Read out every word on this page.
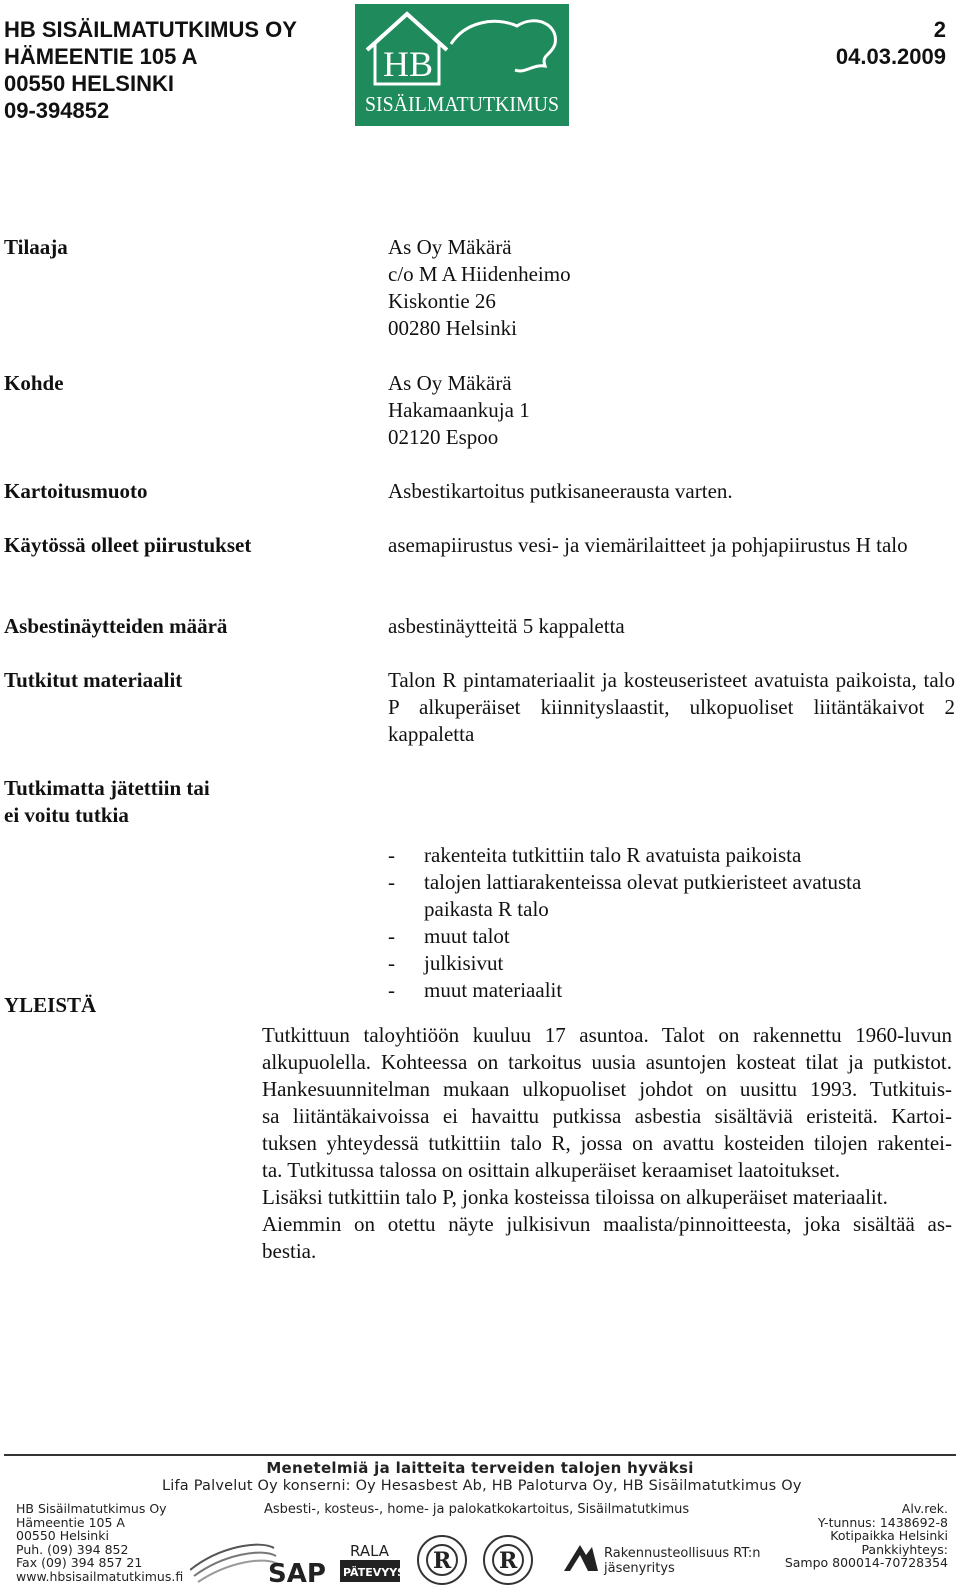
HB SISÄILMATUTKIMUS OY
HÄMEENTIE 105 A
00550 HELSINKI
09-394852
HB
SISÄILMATUTKIMUS
2
04.03.2009
Tilaaja	As Oy Mäkärä
c/o M A Hiidenheimo
Kiskontie 26
00280 Helsinki
Kohde	As Oy Mäkärä
Hakamaankuja 1
02120 Espoo
Kartoitusmuoto	Asbestikartoitus putkisaneerausta varten.
Käytössä olleet piirustukset	asemapiirustus vesi- ja viemärilaitteet ja pohjapiirustus H talo
Asbestinäytteiden määrä	asbestinäytteitä 5 kappaletta
Tutkitut materiaalit	Talon R pintamateriaalit ja kosteuseristeet avatuista paikoista, talo P alkuperäiset kiinnityslaastit, ulkopuoliset liitäntäkaivot 2 kappaletta
Tutkimatta jätettiin tai
ei voitu tutkia
-	rakenteita tutkittiin talo R avatuista paikoista
-	talojen lattiarakenteissa olevat putkieristeet avatusta paikasta R talo
-	muut talot
-	julkisivut
-	muut materiaalit
YLEISTÄ
Tutkittuun taloyhtiöön kuuluu 17 asuntoa. Talot on rakennettu 1960-luvun
alkupuolella. Kohteessa on tarkoitus uusia asuntojen kosteat tilat ja putkistot.
Hankesuunnitelman mukaan ulkopuoliset johdot on uusittu 1993. Tutkituis-
sa liitäntäkaivoissa ei havaittu putkissa asbestia sisältäviä eristeitä. Kartoi-
tuksen yhteydessä tutkittiin talo R, jossa on avattu kosteiden tilojen rakentei-
ta. Tutkitussa talossa on osittain alkuperäiset keraamiset laatoitukset.
Lisäksi tutkittiin talo P, jonka kosteissa tiloissa on alkuperäiset materiaalit.
Aiemmin on otettu näyte julkisivun maalista/pinnoitteesta, joka sisältää as-
bestia.
Menetelmiä ja laitteita terveiden talojen hyväksi
Lifa Palvelut Oy konserni: Oy Hesasbest Ab, HB Paloturva Oy, HB Sisäilmatutkimus Oy
HB Sisäilmatutkimus Oy
Hämeentie 105 A
00550 Helsinki
Puh. (09) 394 852
Fax (09) 394 857 21
www.hbsisailmatutkimus.fi
Asbesti-, kosteus-, home- ja palokatkokartoitus, Sisäilmatutkimus	Alv.rek.
Y-tunnus: 1438692-8
Kotipaikka Helsinki
Pankkiyhteys:
Sampo 800014-70728354
SAP
RALA
PÄTEVYYS R R	Rakennusteollisuus RT:n
jäsenyritys
